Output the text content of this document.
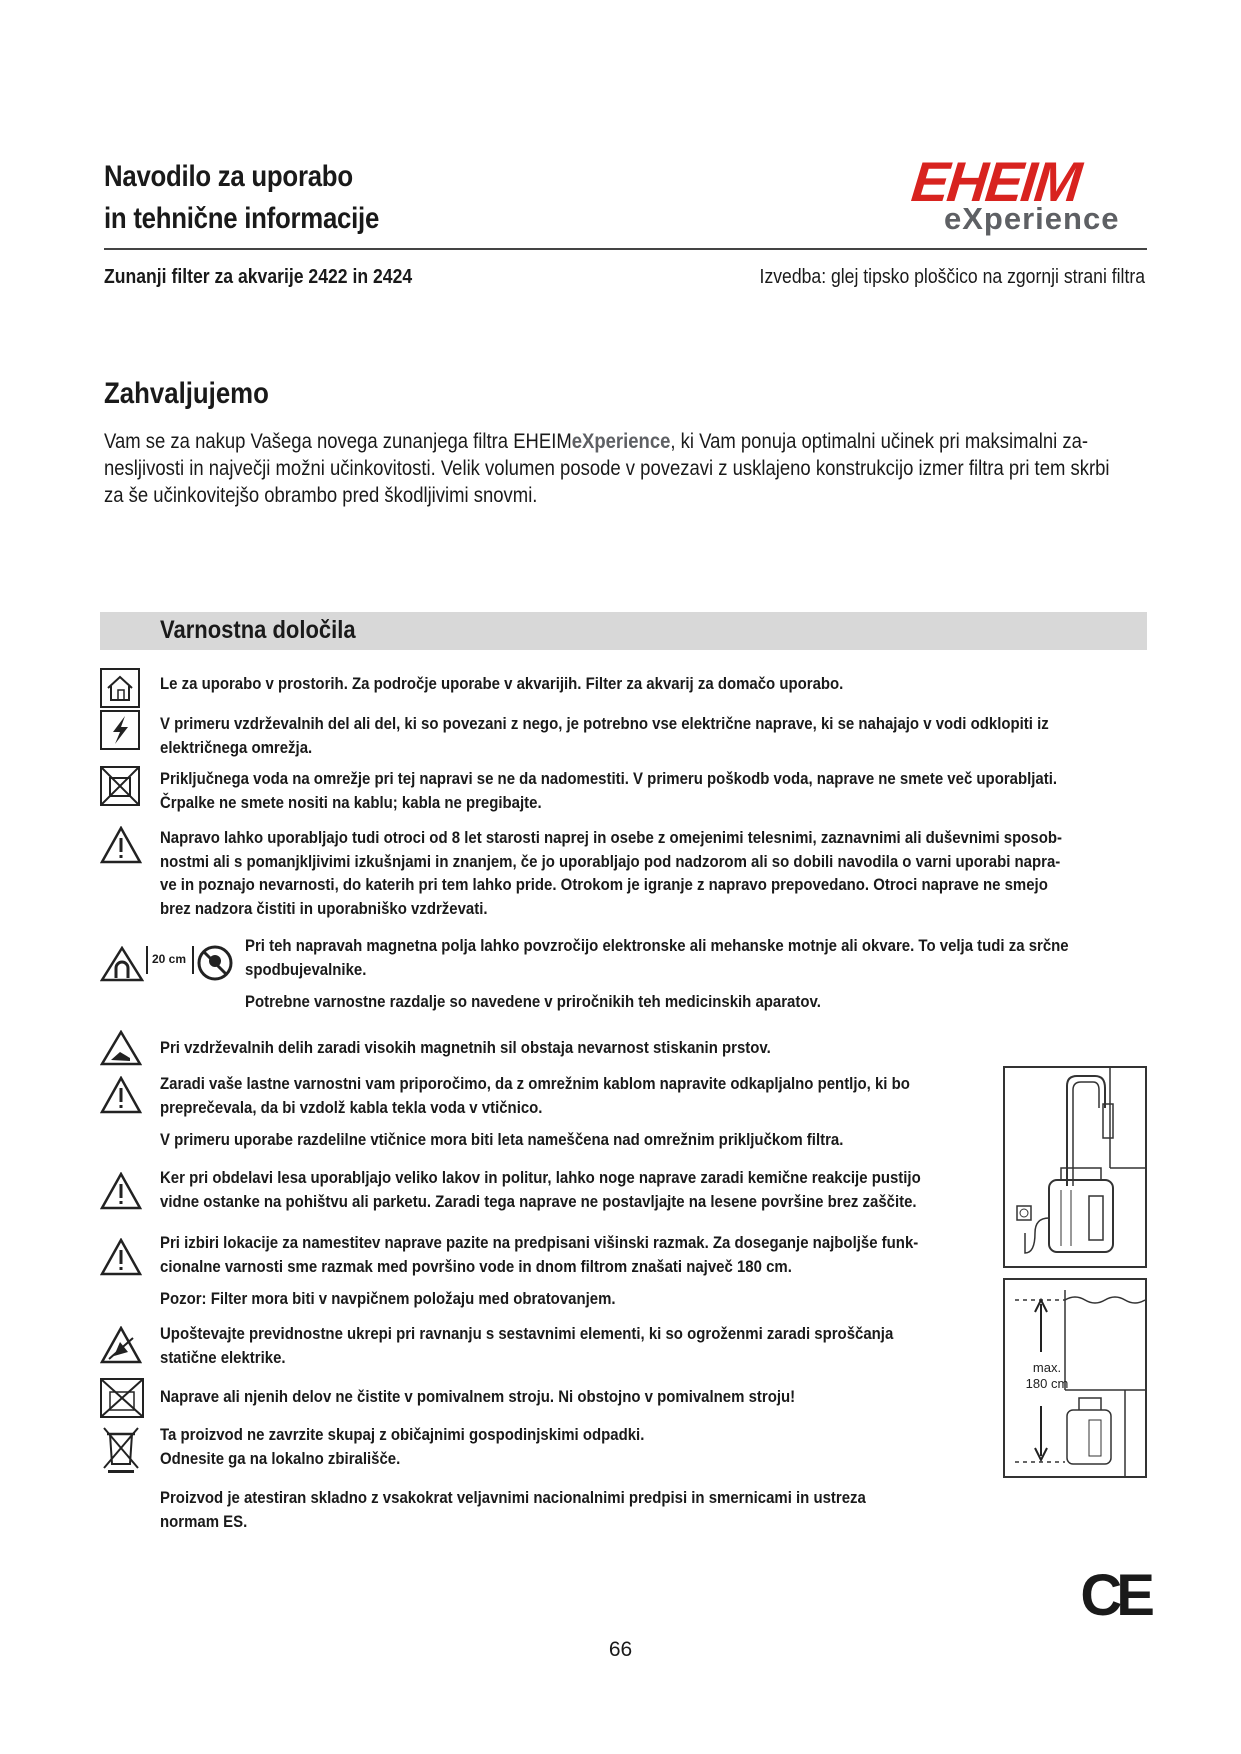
Navodilo za uporabo
in tehnične informacije
EHEIM
eXperience
Zunanji filter za akvarije 2422 in 2424	Izvedba: glej tipsko ploščico na zgornji strani filtra
Zahvaljujemo
Vam se za nakup Vašega novega zunanjega filtra EHEIMeXperience, ki Vam ponuja optimalni učinek pri maksimalni za-
nesljivosti in največji možni učinkovitosti. Velik volumen posode v povezavi z usklajeno konstrukcijo izmer filtra pri tem skrbi
za še učinkovitejšo obrambo pred škodljivimi snovmi.
Varnostna določila
Le za uporabo v prostorih. Za področje uporabe v akvarijih. Filter za akvarij za domačo uporabo.
V primeru vzdrževalnih del ali del, ki so povezani z nego, je potrebno vse električne naprave, ki se nahajajo v vodi odklopiti iz
električnega omrežja.
Priključnega voda na omrežje pri tej napravi se ne da nadomestiti. V primeru poškodb voda, naprave ne smete več uporabljati.
Črpalke ne smete nositi na kablu; kabla ne pregibajte.
Napravo lahko uporabljajo tudi otroci od 8 let starosti naprej in osebe z omejenimi telesnimi, zaznavnimi ali duševnimi sposob-
nostmi ali s pomanjkljivimi izkušnjami in znanjem, če jo uporabljajo pod nadzorom ali so dobili navodila o varni uporabi napra-
ve in poznajo nevarnosti, do katerih pri tem lahko pride. Otrokom je igranje z napravo prepovedano. Otroci naprave ne smejo
brez nadzora čistiti in uporabniško vzdrževati.
20 cm
Pri teh napravah magnetna polja lahko povzročijo elektronske ali mehanske motnje ali okvare. To velja tudi za srčne
spodbujevalnike.
Potrebne varnostne razdalje so navedene v priročnikih teh medicinskih aparatov.
Pri vzdrževalnih delih zaradi visokih magnetnih sil obstaja nevarnost stiskanin prstov.
Zaradi vaše lastne varnostni vam priporočimo, da z omrežnim kablom napravite odkapljalno pentljo, ki bo
preprečevala, da bi vzdolž kabla tekla voda v vtičnico.
V primeru uporabe razdelilne vtičnice mora biti leta nameščena nad omrežnim priključkom filtra.
Ker pri obdelavi lesa uporabljajo veliko lakov in politur, lahko noge naprave zaradi kemične reakcije pustijo
vidne ostanke na pohištvu ali parketu. Zaradi tega naprave ne postavljajte na lesene površine brez zaščite.
Pri izbiri lokacije za namestitev naprave pazite na predpisani višinski razmak. Za doseganje najboljše funk-
cionalne varnosti sme razmak med površino vode in dnom filtrom znašati največ 180 cm.
Pozor: Filter mora biti v navpičnem položaju med obratovanjem.
Upoštevajte previdnostne ukrepi pri ravnanju s sestavnimi elementi, ki so ogroženmi zaradi sproščanja
statične elektrike.
Naprave ali njenih delov ne čistite v pomivalnem stroju. Ni obstojno v pomivalnem stroju!
Ta proizvod ne zavrzite skupaj z običajnimi gospodinjskimi odpadki.
Odnesite ga na lokalno zbirališče.
Proizvod je atestiran skladno z vsakokrat veljavnimi nacionalnimi predpisi in smernicami in ustreza
normam ES.
max.
180 cm
CE
66
